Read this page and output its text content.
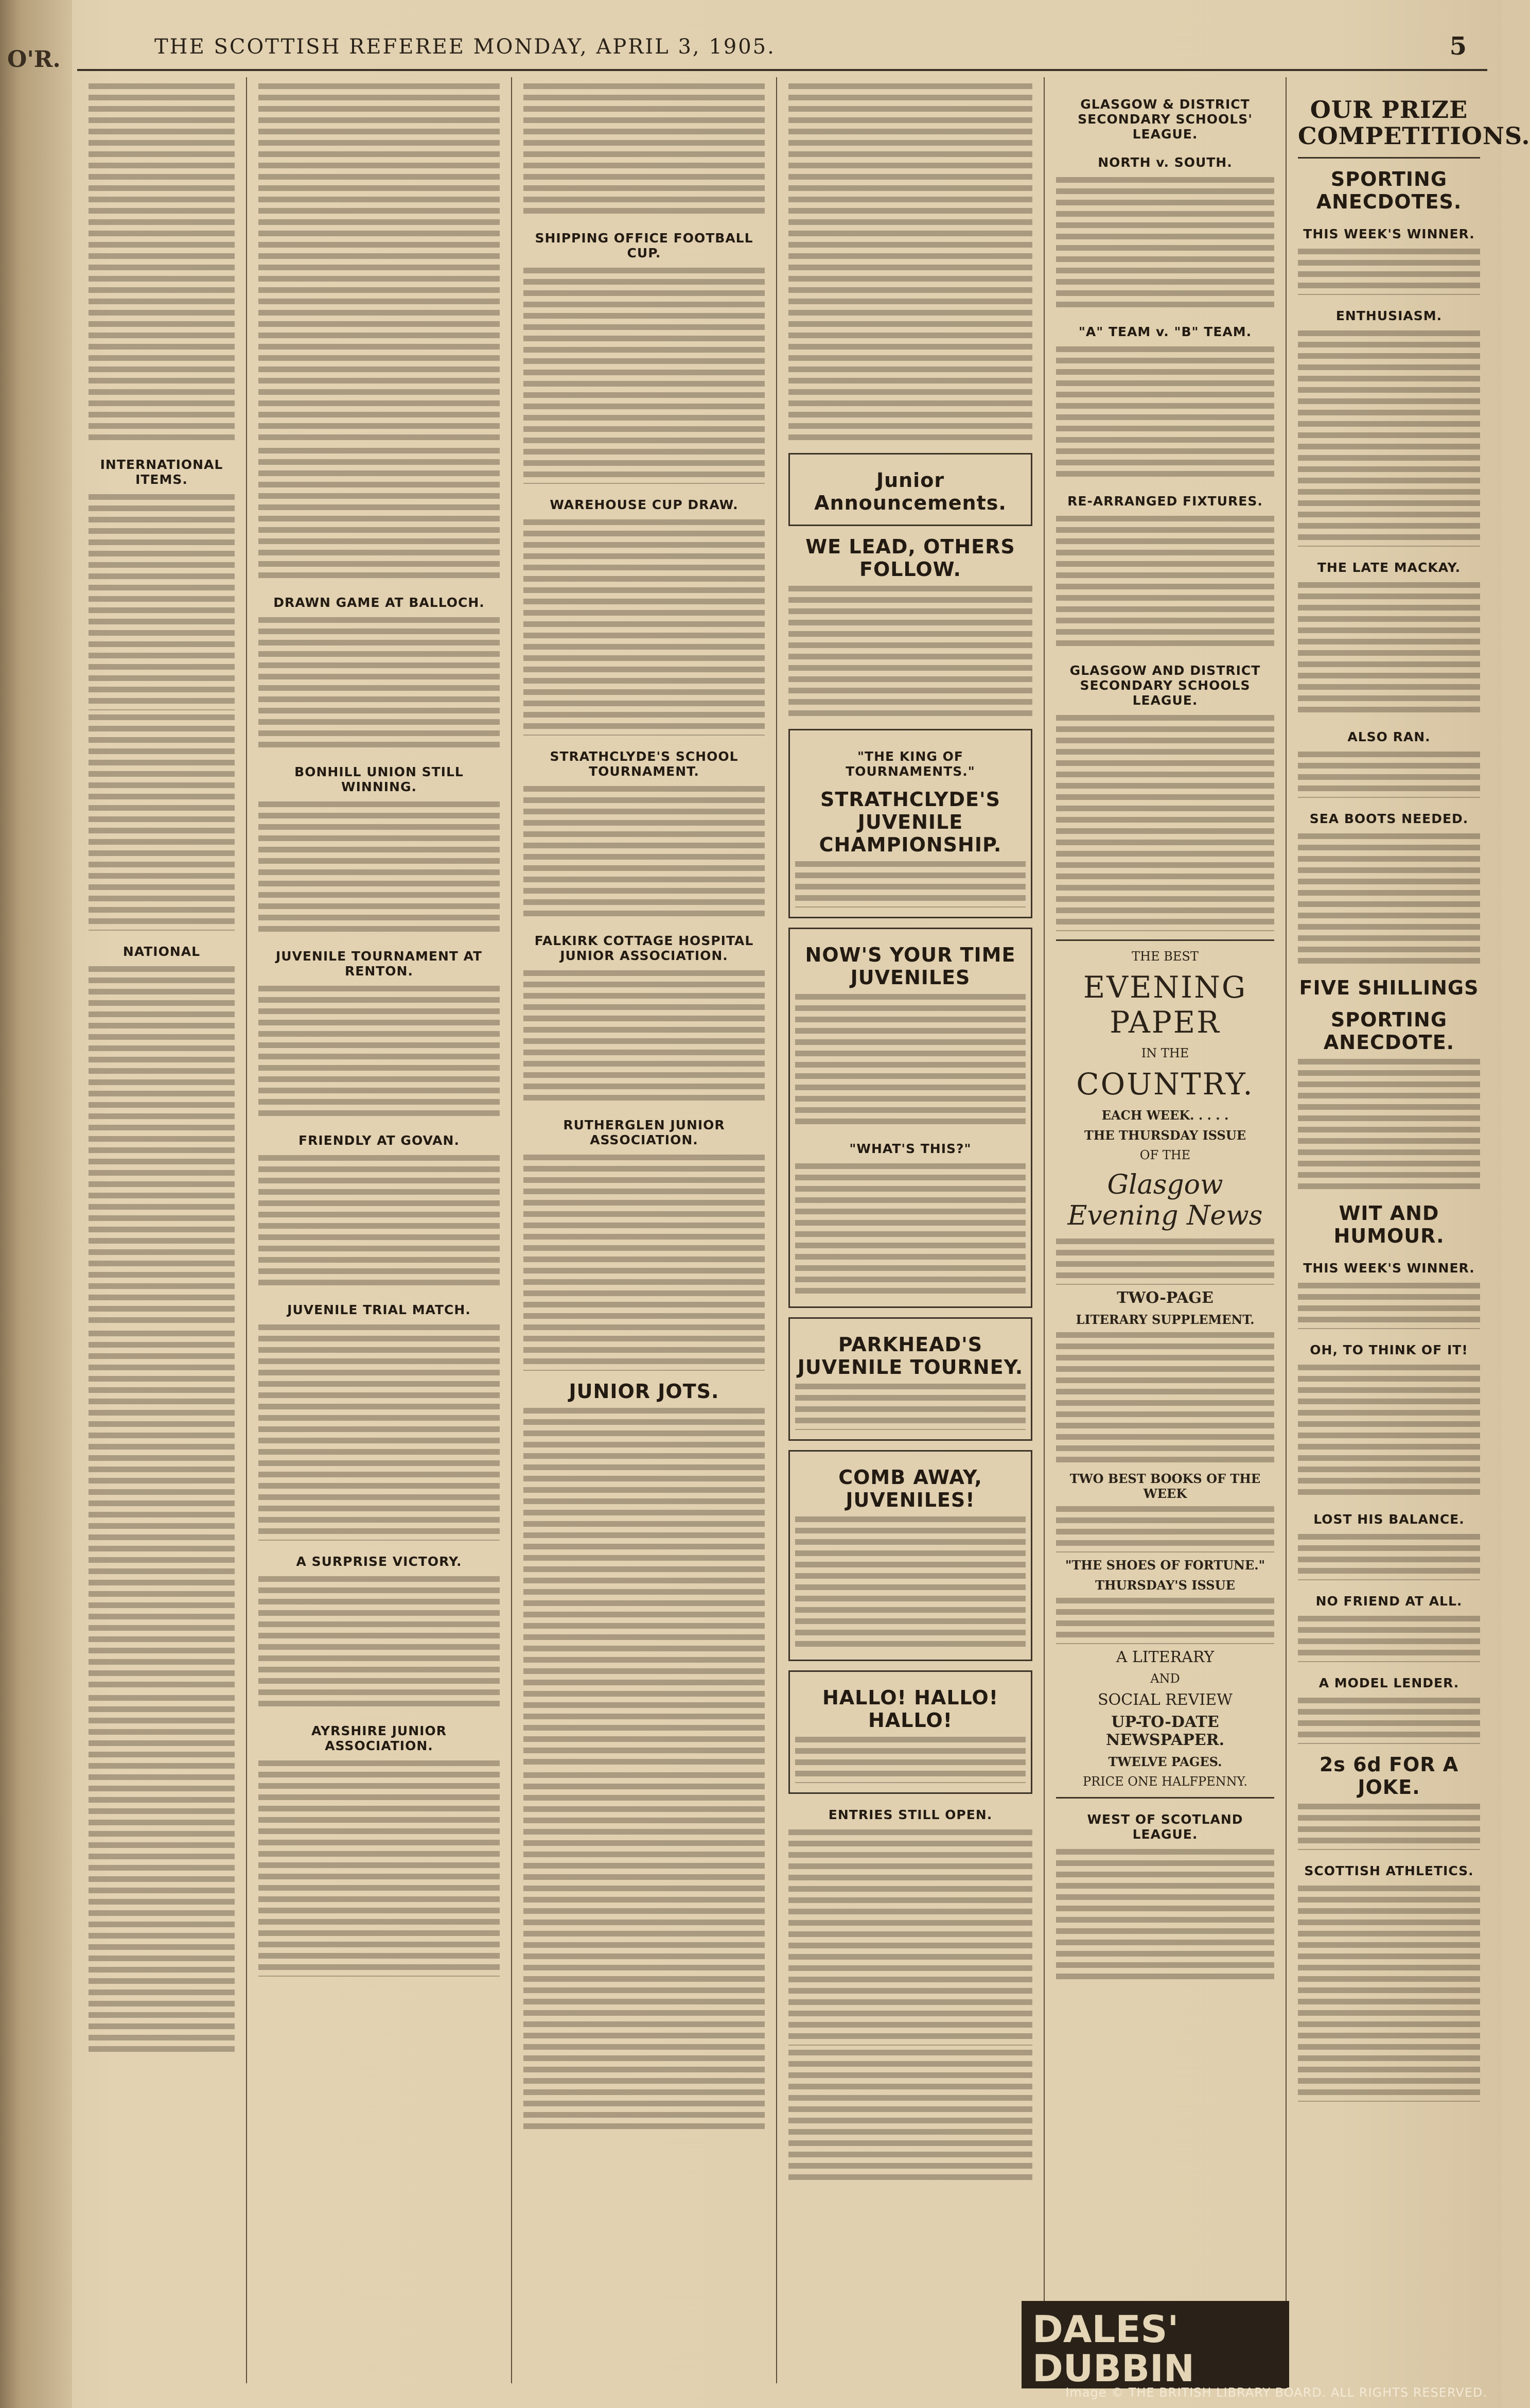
O'R.	THE SCOTTISH REFEREE MONDAY, APRIL 3, 1905.	5
INTERNATIONAL ITEMS.
NATIONAL
DRAWN GAME AT BALLOCH.
BONHILL UNION STILL WINNING.
JUVENILE TOURNAMENT AT RENTON.
FRIENDLY AT GOVAN.
JUVENILE TRIAL MATCH.
A SURPRISE VICTORY.
AYRSHIRE JUNIOR ASSOCIATION.
SHIPPING OFFICE FOOTBALL CUP.
WAREHOUSE CUP DRAW.
STRATHCLYDE'S SCHOOL TOURNAMENT.
FALKIRK COTTAGE HOSPITAL JUNIOR ASSOCIATION.
RUTHERGLEN JUNIOR ASSOCIATION.
JUNIOR JOTS.
Junior Announcements.
WE LEAD, OTHERS FOLLOW.
"THE KING OF TOURNAMENTS."
STRATHCLYDE'S JUVENILE CHAMPIONSHIP.
NOW'S YOUR TIME JUVENILES
"WHAT'S THIS?"
PARKHEAD'S JUVENILE TOURNEY.
COMB AWAY, JUVENILES!
HALLO! HALLO! HALLO!
ENTRIES STILL OPEN.
GLASGOW & DISTRICT SECONDARY SCHOOLS' LEAGUE.
NORTH v. SOUTH.
"A" TEAM v. "B" TEAM.
RE-ARRANGED FIXTURES.
GLASGOW AND DISTRICT SECONDARY SCHOOLS LEAGUE.
THE BEST
EVENING PAPER
IN THE
COUNTRY.
EACH WEEK. . . . .
THE THURSDAY ISSUE
OF THE
Glasgow Evening News
TWO-PAGE
LITERARY SUPPLEMENT.
TWO BEST BOOKS OF THE WEEK
"THE SHOES OF FORTUNE."
THURSDAY'S ISSUE
A LITERARY
AND
SOCIAL REVIEW
UP-TO-DATE NEWSPAPER.
TWELVE PAGES.
PRICE ONE HALFPENNY.
WEST OF SCOTLAND LEAGUE.
OUR PRIZE COMPETITIONS.
SPORTING ANECDOTES.
THIS WEEK'S WINNER.
ENTHUSIASM.
THE LATE MACKAY.
ALSO RAN.
SEA BOOTS NEEDED.
FIVE SHILLINGS
SPORTING ANECDOTE.
WIT AND HUMOUR.
THIS WEEK'S WINNER.
OH, TO THINK OF IT!
LOST HIS BALANCE.
NO FRIEND AT ALL.
A MODEL LENDER.
2s 6d FOR A JOKE.
SCOTTISH ATHLETICS.
DALES'
DUBBIN
Image © THE BRITISH LIBRARY BOARD. ALL RIGHTS RESERVED.
